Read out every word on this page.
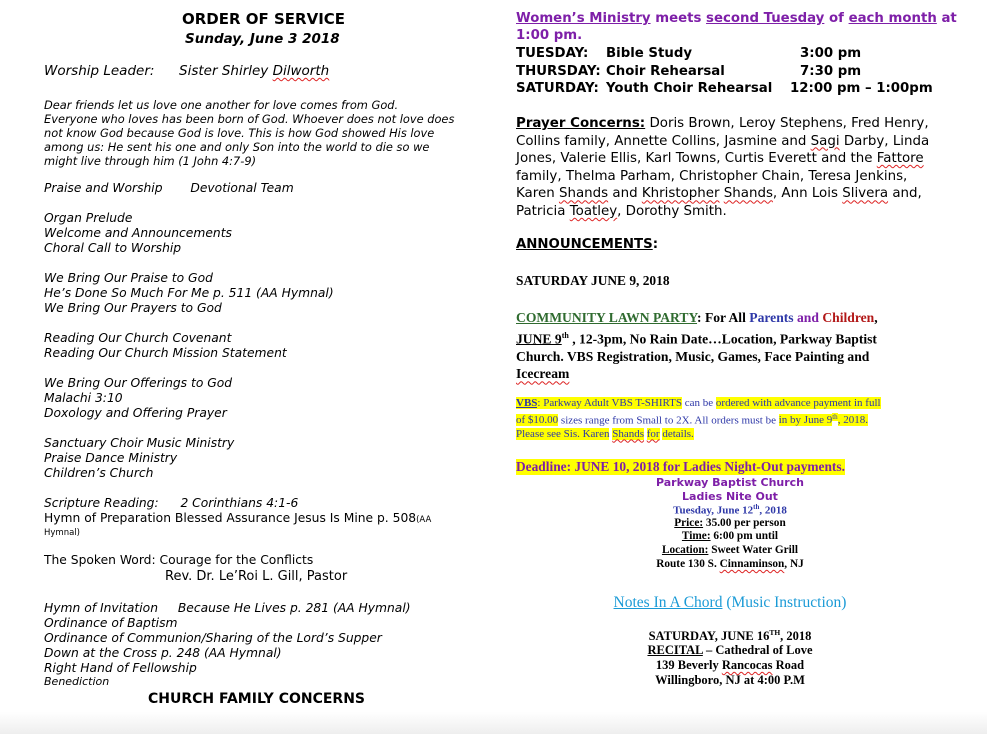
ORDER OF SERVICE
Sunday, June 3 2018
Worship Leader: Sister Shirley Dilworth
Dear friends let us love one another for love comes from God.
Everyone who loves has been born of God. Whoever does not love does
not know God because God is love. This is how God showed His love
among us: He sent his one and only Son into the world to die so we
might live through him (1 John 4:7-9)
Praise and Worship Devotional Team
Organ Prelude
Welcome and Announcements
Choral Call to Worship
We Bring Our Praise to God
He’s Done So Much For Me p. 511 (AA Hymnal)
We Bring Our Prayers to God
Reading Our Church Covenant
Reading Our Church Mission Statement
We Bring Our Offerings to God
Malachi 3:10
Doxology and Offering Prayer
Sanctuary Choir Music Ministry
Praise Dance Ministry
Children’s Church
Scripture Reading: 2 Corinthians 4:1-6
Hymn of Preparation Blessed Assurance Jesus Is Mine p. 508(AA
Hymnal)
The Spoken Word: Courage for the Conflicts
Rev. Dr. Le’Roi L. Gill, Pastor
Hymn of Invitation Because He Lives p. 281 (AA Hymnal)
Ordinance of Baptism
Ordinance of Communion/Sharing of the Lord’s Supper
Down at the Cross p. 248 (AA Hymnal)
Right Hand of Fellowship
Benediction
CHURCH FAMILY CONCERNS
Women’s Ministry meets second Tuesday of each month at
1:00 pm.
TUESDAY: Bible Study	3:00 pm
THURSDAY: Choir Rehearsal	7:30 pm
SATURDAY: Youth Choir Rehearsal 12:00 pm – 1:00pm
Prayer Concerns: Doris Brown, Leroy Stephens, Fred Henry,
Collins family, Annette Collins, Jasmine and Sagi Darby, Linda
Jones, Valerie Ellis, Karl Towns, Curtis Everett and the Fattore
family, Thelma Parham, Christopher Chain, Teresa Jenkins,
Karen Shands and Khristopher Shands, Ann Lois Slivera and,
Patricia Toatley, Dorothy Smith.
ANNOUNCEMENTS:
SATURDAY JUNE 9, 2018
COMMUNITY LAWN PARTY: For All Parents and Children,
JUNE 9th , 12-3pm, No Rain Date…Location, Parkway Baptist
Church. VBS Registration, Music, Games, Face Painting and
Icecream
VBS: Parkway Adult VBS T-SHIRTS can be ordered with advance payment in full
of $10.00 sizes range from Small to 2X. All orders must be in by June 9th, 2018.
Please see Sis. Karen Shands for details.
Deadline: JUNE 10, 2018 for Ladies Night-Out payments.
Parkway Baptist Church
Ladies Nite Out
Tuesday, June 12th, 2018
Price: 35.00 per person
Time: 6:00 pm until
Location: Sweet Water Grill
Route 130 S. Cinnaminson, NJ
Notes In A Chord (Music Instruction)
SATURDAY, JUNE 16TH, 2018
RECITAL – Cathedral of Love
139 Beverly Rancocas Road
Willingboro, NJ at 4:00 P.M
